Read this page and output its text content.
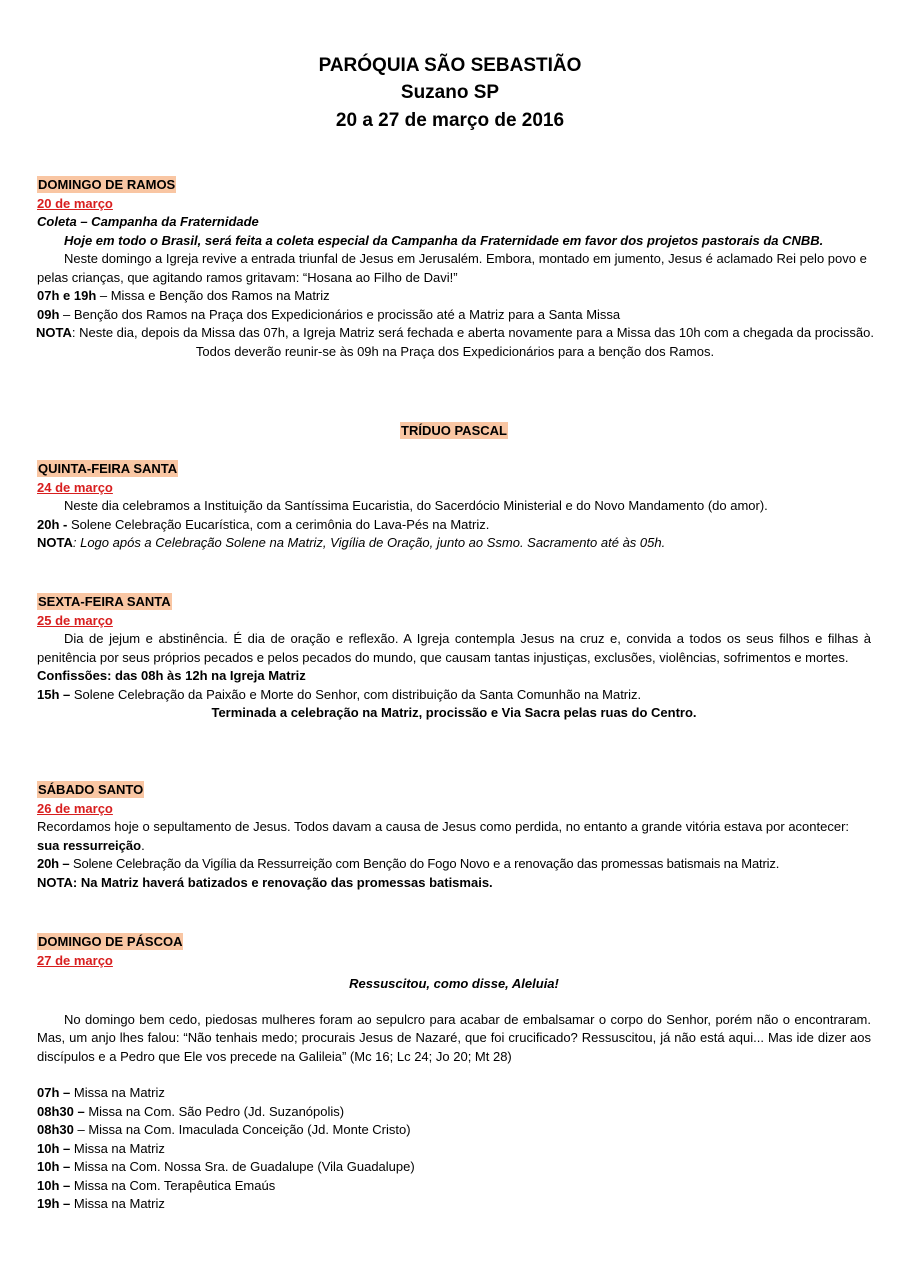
PARÓQUIA SÃO SEBASTIÃO
Suzano SP
20 a 27 de março de 2016
DOMINGO DE RAMOS
20 de março
Coleta – Campanha da Fraternidade
Hoje em todo o Brasil, será feita a coleta especial da Campanha da Fraternidade em favor dos projetos pastorais da CNBB.
Neste domingo a Igreja revive a entrada triunfal de Jesus em Jerusalém. Embora, montado em jumento, Jesus é aclamado Rei pelo povo e pelas crianças, que agitando ramos gritavam: “Hosana ao Filho de Davi!”
07h e 19h – Missa e Benção dos Ramos na Matriz
09h – Benção dos Ramos na Praça dos Expedicionários e procissão até a Matriz para a Santa Missa
NOTA: Neste dia, depois da Missa das 07h, a Igreja Matriz será fechada e aberta novamente para a Missa das 10h com a chegada da procissão. Todos deverão reunir-se às 09h na Praça dos Expedicionários para a benção dos Ramos.
TRÍDUO PASCAL
QUINTA-FEIRA SANTA
24 de março
Neste dia celebramos a Instituição da Santíssima Eucaristia, do Sacerdócio Ministerial e do Novo Mandamento (do amor).
20h - Solene Celebração Eucarística, com a cerimônia do Lava-Pés na Matriz.
NOTA: Logo após a Celebração Solene na Matriz, Vigília de Oração, junto ao Ssmo. Sacramento até às 05h.
SEXTA-FEIRA SANTA
25 de março
Dia de jejum e abstinência. É dia de oração e reflexão. A Igreja contempla Jesus na cruz e, convida a todos os seus filhos e filhas à penitência por seus próprios pecados e pelos pecados do mundo, que causam tantas injustiças, exclusões, violências, sofrimentos e mortes.
Confissões: das 08h às 12h na Igreja Matriz
15h – Solene Celebração da Paixão e Morte do Senhor, com distribuição da Santa Comunhão na Matriz.
Terminada a celebração na Matriz, procissão e Via Sacra pelas ruas do Centro.
SÁBADO SANTO
26 de março
Recordamos hoje o sepultamento de Jesus. Todos davam a causa de Jesus como perdida, no entanto a grande vitória estava por acontecer: sua ressurreição.
20h – Solene Celebração da Vigília da Ressurreição com Benção do Fogo Novo e a renovação das promessas batismais na Matriz.
NOTA: Na Matriz haverá batizados e renovação das promessas batismais.
DOMINGO DE PÁSCOA
27 de março
Ressuscitou, como disse, Aleluia!
No domingo bem cedo, piedosas mulheres foram ao sepulcro para acabar de embalsamar o corpo do Senhor, porém não o encontraram. Mas, um anjo lhes falou: “Não tenhais medo; procurais Jesus de Nazaré, que foi crucificado? Ressuscitou, já não está aqui... Mas ide dizer aos discípulos e a Pedro que Ele vos precede na Galileia” (Mc 16; Lc 24; Jo 20; Mt 28)
07h – Missa na Matriz
08h30 – Missa na Com. São Pedro (Jd. Suzanópolis)
08h30 – Missa na Com. Imaculada Conceição (Jd. Monte Cristo)
10h – Missa na Matriz
10h – Missa na Com. Nossa Sra. de Guadalupe (Vila Guadalupe)
10h – Missa na Com. Terapêutica Emaús
19h – Missa na Matriz
